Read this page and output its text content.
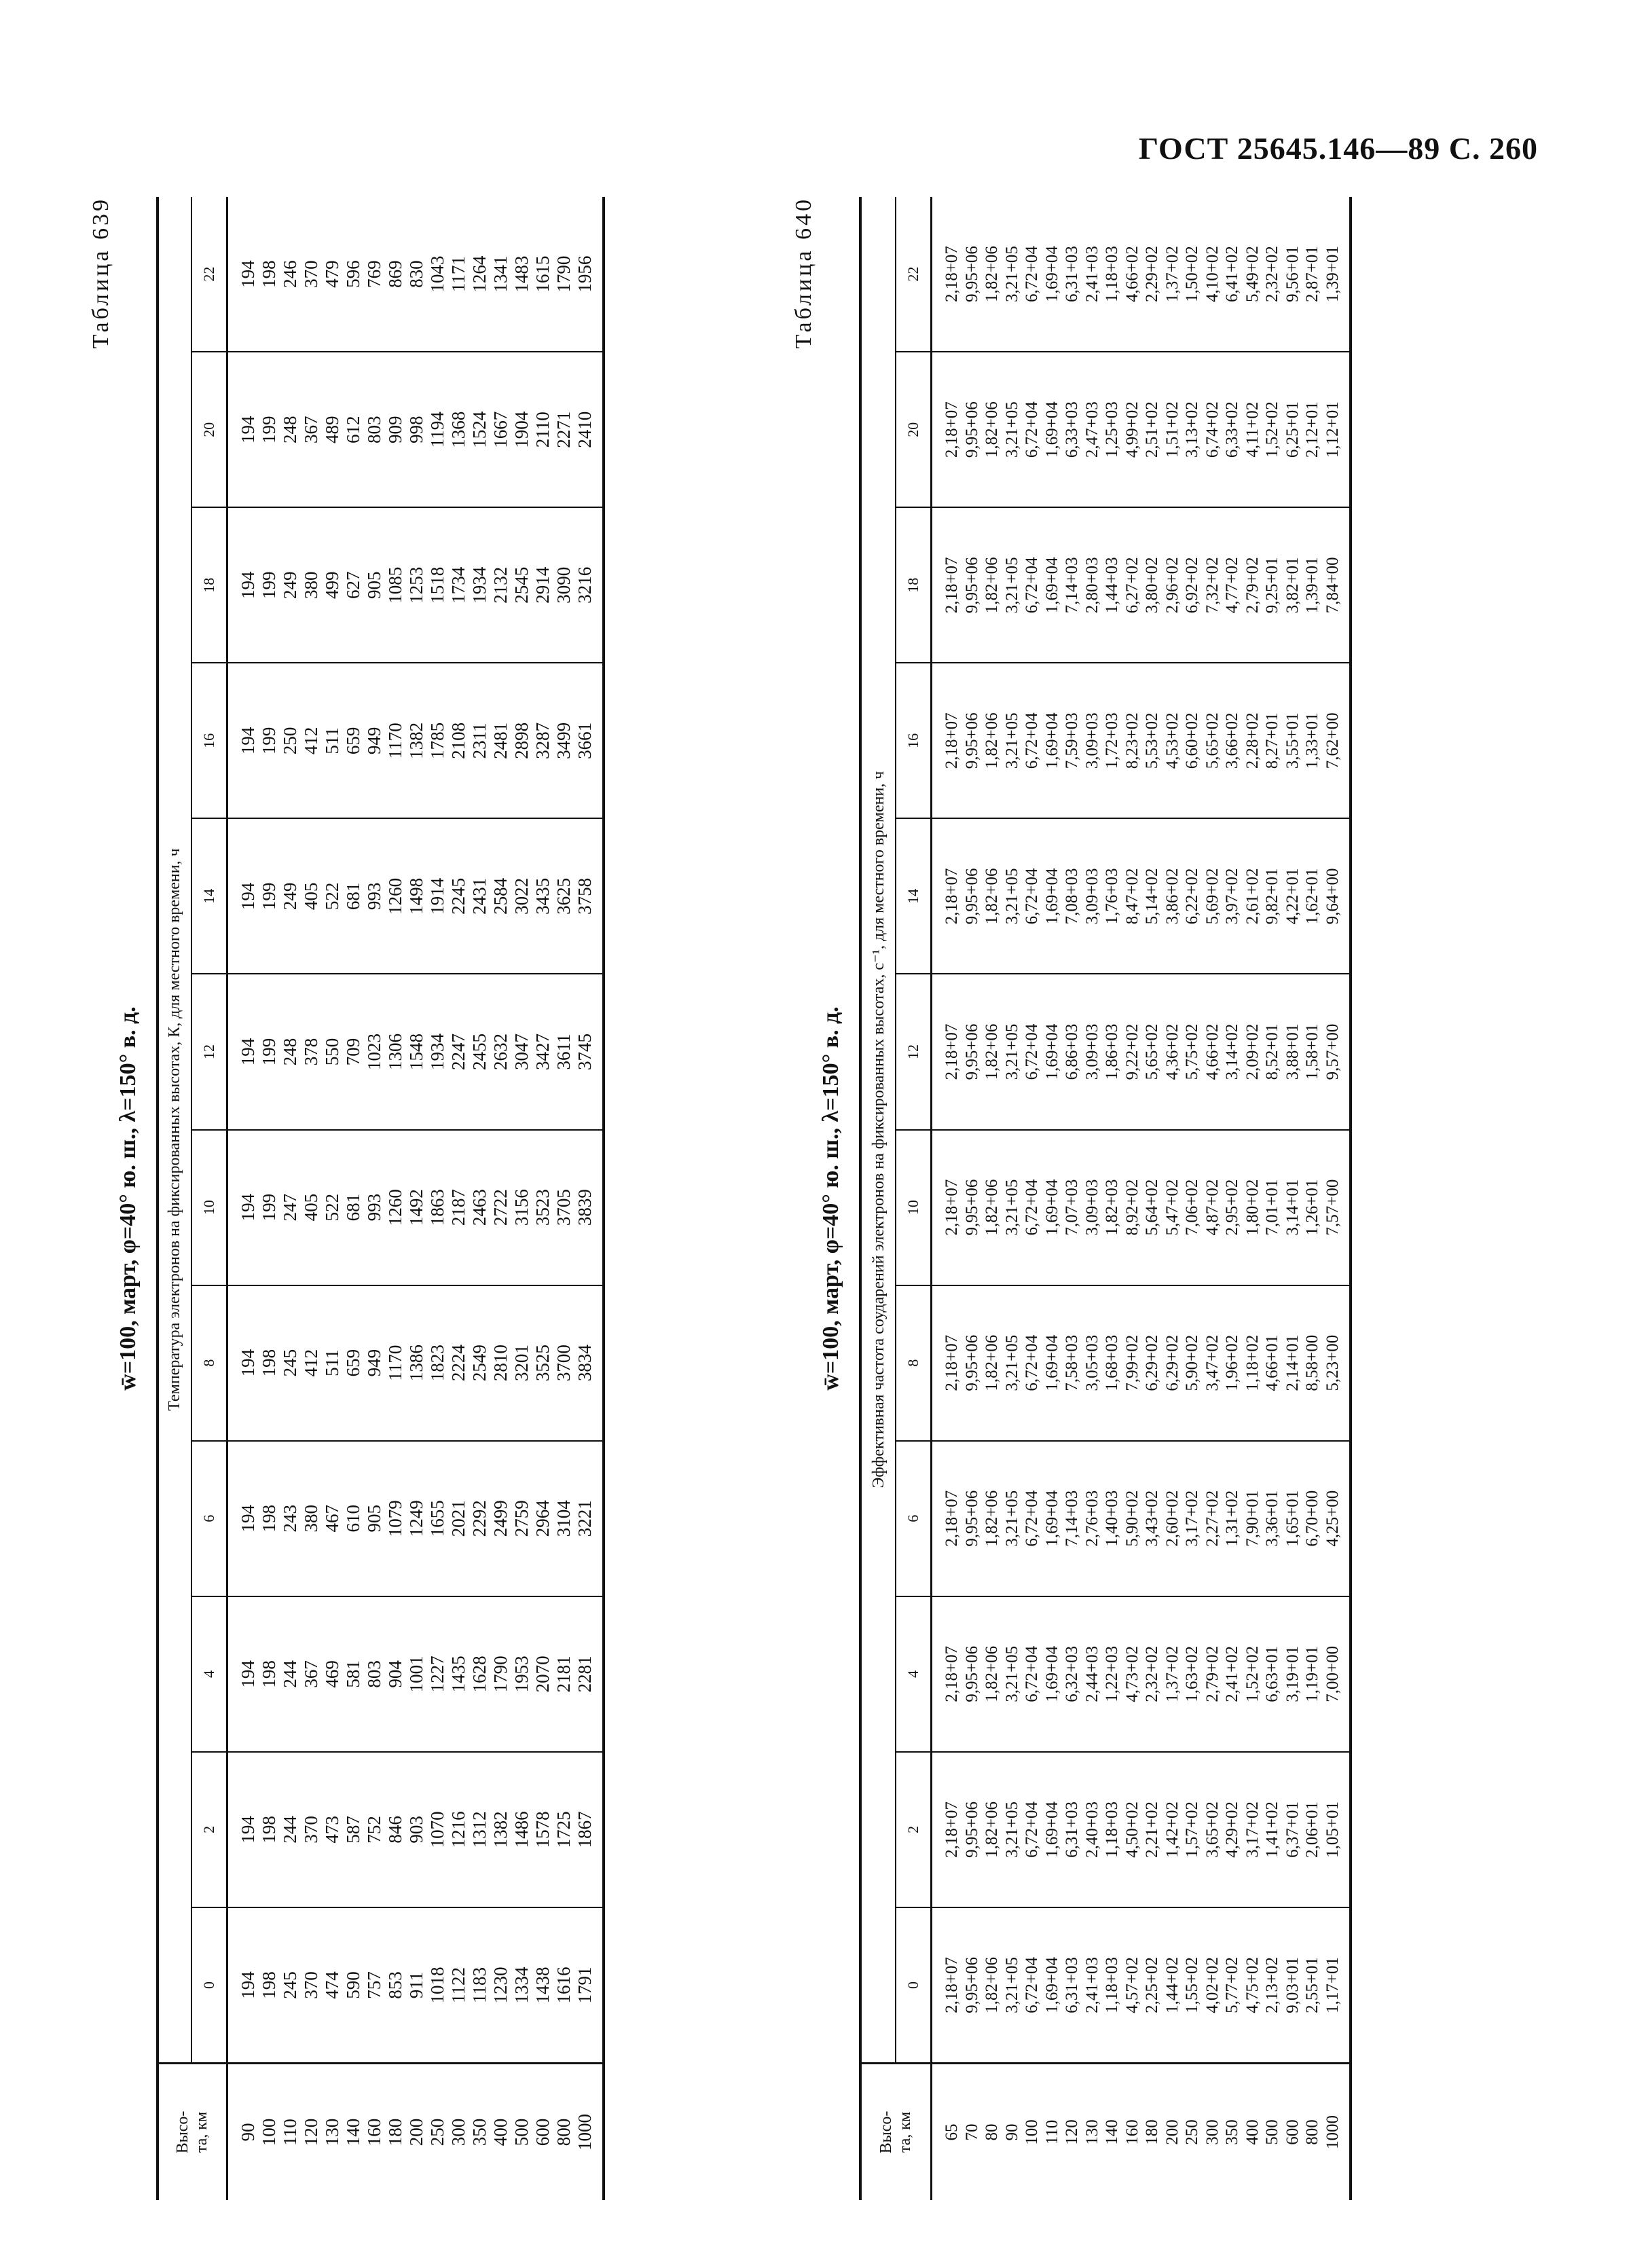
ГОСТ 25645.146—89 С. 260
Таблица 639
w̄=100, март, φ=40° ю. ш., λ=150° в. д.
Высо-
та, км
Температура электронов на фиксированных высотах, К, для местного времени, ч
0
2
4
6
8
10
12
14
16
18
20
22
90 100 110 120 130 140 160 180 200 250 300 350 400 500 600 800 1000
194 198 245 370 474 590 757 853 911 1018 1122 1183 1230 1334 1438 1616 1791
194 198 244 370 473 587 752 846 903 1070 1216 1312 1382 1486 1578 1725 1867
194 198 244 367 469 581 803 904 1001 1227 1435 1628 1790 1953 2070 2181 2281
194 198 243 380 467 610 905 1079 1249 1655 2021 2292 2499 2759 2964 3104 3221
194 198 245 412 511 659 949 1170 1386 1823 2224 2549 2810 3201 3525 3700 3834
194 199 247 405 522 681 993 1260 1492 1863 2187 2463 2722 3156 3523 3705 3839
194 199 248 378 550 709 1023 1306 1548 1934 2247 2455 2632 3047 3427 3611 3745
194 199 249 405 522 681 993 1260 1498 1914 2245 2431 2584 3022 3435 3625 3758
194 199 250 412 511 659 949 1170 1382 1785 2108 2311 2481 2898 3287 3499 3661
194 199 249 380 499 627 905 1085 1253 1518 1734 1934 2132 2545 2914 3090 3216
194 199 248 367 489 612 803 909 998 1194 1368 1524 1667 1904 2110 2271 2410
194 198 246 370 479 596 769 869 830 1043 1171 1264 1341 1483 1615 1790 1956	Таблица 640
w̄=100, март, φ=40° ю. ш., λ=150° в. д.
Высо-
та, км
Эффективная частота соударений электронов на фиксированных высотах, с⁻¹, для местного времени, ч
0
2
4
6
8
10
12
14
16
18
20
22
65 70 80 90 100 110 120 130 140 160 180 200 250 300 350 400 500 600 800 1000
2,18+07 9,95+06 1,82+06 3,21+05 6,72+04 1,69+04 6,31+03 2,41+03 1,18+03 4,57+02 2,25+02 1,44+02 1,55+02 4,02+02 5,77+02 4,75+02 2,13+02 9,03+01 2,55+01 1,17+01
2,18+07 9,95+06 1,82+06 3,21+05 6,72+04 1,69+04 6,31+03 2,40+03 1,18+03 4,50+02 2,21+02 1,42+02 1,57+02 3,65+02 4,29+02 3,17+02 1,41+02 6,37+01 2,06+01 1,05+01
2,18+07 9,95+06 1,82+06 3,21+05 6,72+04 1,69+04 6,32+03 2,44+03 1,22+03 4,73+02 2,32+02 1,37+02 1,63+02 2,79+02 2,41+02 1,52+02 6,63+01 3,19+01 1,19+01 7,00+00
2,18+07 9,95+06 1,82+06 3,21+05 6,72+04 1,69+04 7,14+03 2,76+03 1,40+03 5,90+02 3,43+02 2,60+02 3,17+02 2,27+02 1,31+02 7,90+01 3,36+01 1,65+01 6,70+00 4,25+00
2,18+07 9,95+06 1,82+06 3,21+05 6,72+04 1,69+04 7,58+03 3,05+03 1,68+03 7,99+02 6,29+02 6,29+02 5,90+02 3,47+02 1,96+02 1,18+02 4,66+01 2,14+01 8,58+00 5,23+00
2,18+07 9,95+06 1,82+06 3,21+05 6,72+04 1,69+04 7,07+03 3,09+03 1,82+03 8,92+02 5,64+02 5,47+02 7,06+02 4,87+02 2,95+02 1,80+02 7,01+01 3,14+01 1,26+01 7,57+00
2,18+07 9,95+06 1,82+06 3,21+05 6,72+04 1,69+04 6,86+03 3,09+03 1,86+03 9,22+02 5,65+02 4,36+02 5,75+02 4,66+02 3,14+02 2,09+02 8,52+01 3,88+01 1,58+01 9,57+00
2,18+07 9,95+06 1,82+06 3,21+05 6,72+04 1,69+04 7,08+03 3,09+03 1,76+03 8,47+02 5,14+02 3,86+02 6,22+02 5,69+02 3,97+02 2,61+02 9,82+01 4,22+01 1,62+01 9,64+00
2,18+07 9,95+06 1,82+06 3,21+05 6,72+04 1,69+04 7,59+03 3,09+03 1,72+03 8,23+02 5,53+02 4,53+02 6,60+02 5,65+02 3,66+02 2,28+02 8,27+01 3,55+01 1,33+01 7,62+00
2,18+07 9,95+06 1,82+06 3,21+05 6,72+04 1,69+04 7,14+03 2,80+03 1,44+03 6,27+02 3,80+02 2,96+02 6,92+02 7,32+02 4,77+02 2,79+02 9,25+01 3,82+01 1,39+01 7,84+00
2,18+07 9,95+06 1,82+06 3,21+05 6,72+04 1,69+04 6,33+03 2,47+03 1,25+03 4,99+02 2,51+02 1,51+02 3,13+02 6,74+02 6,33+02 4,11+02 1,52+02 6,25+01 2,12+01 1,12+01
2,18+07 9,95+06 1,82+06 3,21+05 6,72+04 1,69+04 6,31+03 2,41+03 1,18+03 4,66+02 2,29+02 1,37+02 1,50+02 4,10+02 6,41+02 5,49+02 2,32+02 9,56+01 2,87+01 1,39+01
